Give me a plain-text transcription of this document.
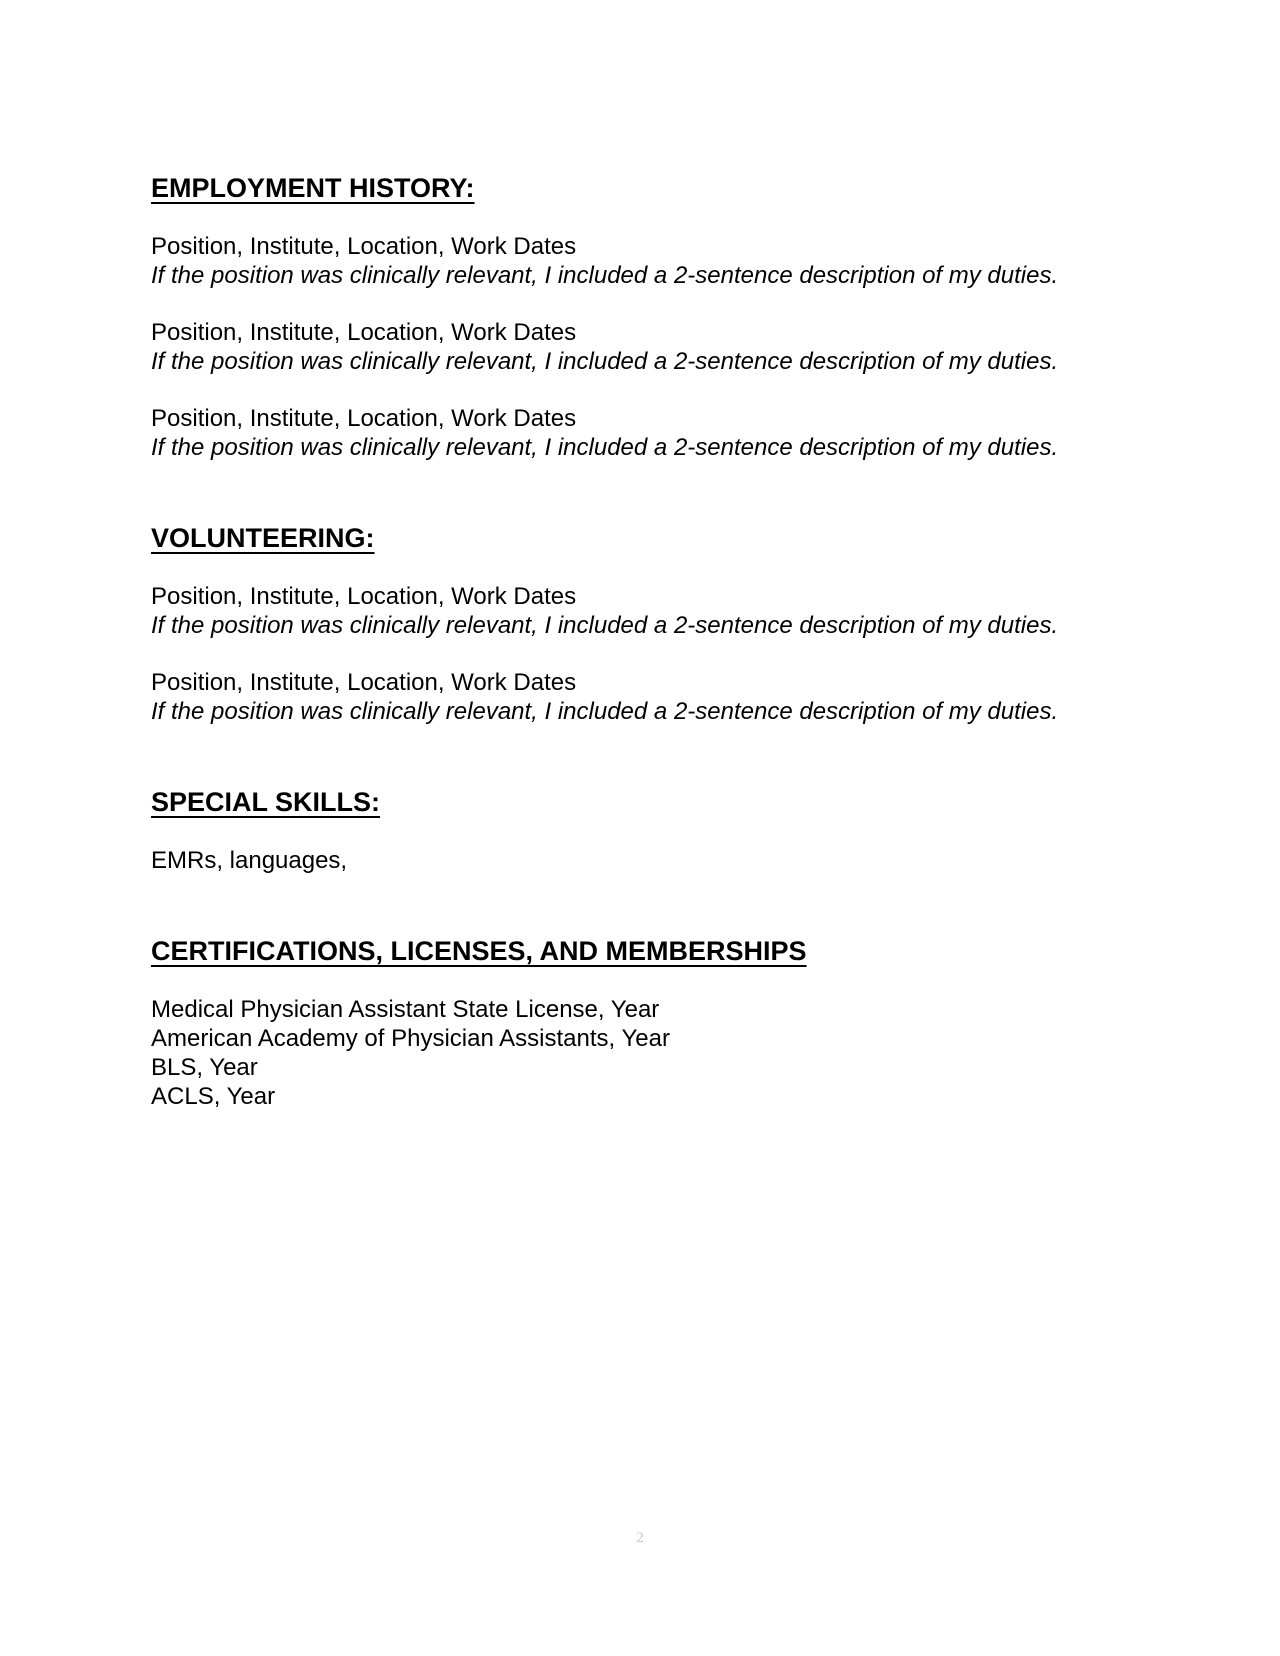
EMPLOYMENT HISTORY:

Position, Institute, Location, Work Dates

If the position was clinically relevant, I included a 2-sentence description of my duties.

Position, Institute, Location, Work Dates

If the position was clinically relevant, I included a 2-sentence description of my duties.

Position, Institute, Location, Work Dates

If the position was clinically relevant, I included a 2-sentence description of my duties.

VOLUNTEERING:

Position, Institute, Location, Work Dates

If the position was clinically relevant, I included a 2-sentence description of my duties.

Position, Institute, Location, Work Dates

If the position was clinically relevant, I included a 2-sentence description of my duties.

SPECIAL SKILLS:

EMRs, languages,

CERTIFICATIONS, LICENSES, AND MEMBERSHIPS

Medical Physician Assistant State License, Year

American Academy of Physician Assistants, Year

BLS, Year

ACLS, Year

2
